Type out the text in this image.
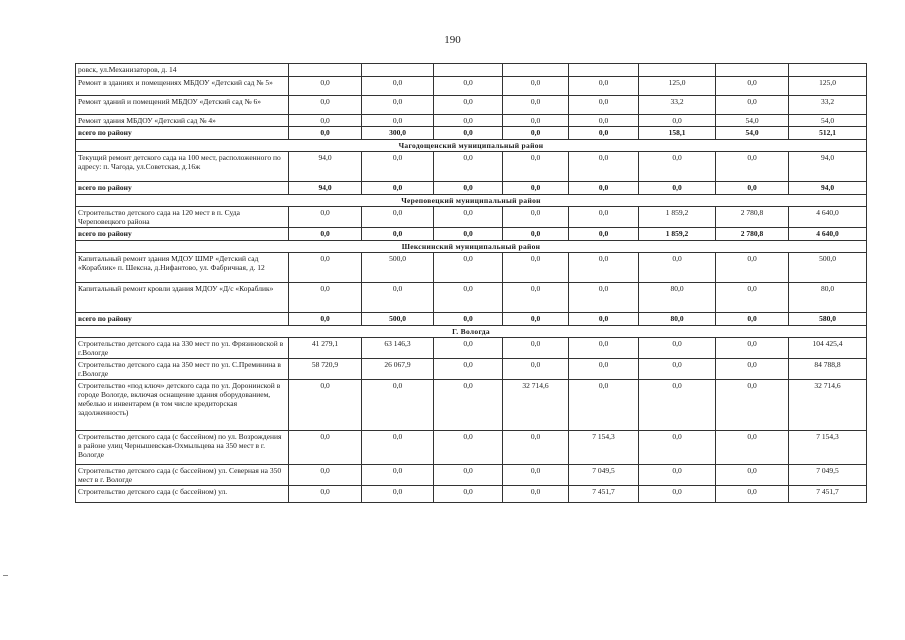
190
ровск, ул.Механизаторов, д. 14								
Ремонт в зданиях и помещениях МБДОУ «Детский сад № 5»	0,0	0,0	0,0	0,0	0,0	125,0	0,0	125,0
Ремонт зданий и помещений МБДОУ «Детский сад № 6»	0,0	0,0	0,0	0,0	0,0	33,2	0,0	33,2
Ремонт здания МБДОУ «Детский сад № 4»	0,0	0,0	0,0	0,0	0,0	0,0	54,0	54,0
всего по району	0,0	300,0	0,0	0,0	0,0	158,1	54,0	512,1
Чагодощенский муниципальный район								
Текущий ремонт детского сада на 100 мест, расположенного по адресу: п. Чагода, ул.Советская, д.16ж	94,0	0,0	0,0	0,0	0,0	0,0	0,0	94,0
всего по району	94,0	0,0	0,0	0,0	0,0	0,0	0,0	94,0
Череповецкий муниципальный район								
Строительство детского сада на 120 мест в п. Суда Череповецкого района	0,0	0,0	0,0	0,0	0,0	1 859,2	2 780,8	4 640,0
всего по району	0,0	0,0	0,0	0,0	0,0	1 859,2	2 780,8	4 640,0
Шекснинский муниципальный район								
Капитальный ремонт здания МДОУ ШМР «Детский сад «Кораблик» п. Шексна, д.Нифантово, ул. Фабричная, д. 12	0,0	500,0	0,0	0,0	0,0	0,0	0,0	500,0
Капитальный ремонт кровли здания МДОУ «Д/с «Кораблик»	0,0	0,0	0,0	0,0	0,0	80,0	0,0	80,0
всего по району	0,0	500,0	0,0	0,0	0,0	80,0	0,0	580,0
Г. Вологда								
Строительство детского сада на 330 мест по ул. Фрязиновской в г.Вологде	41 279,1	63 146,3	0,0	0,0	0,0	0,0	0,0	104 425,4
Строительство детского сада на 350 мест по ул. С.Преминина в г.Вологде	58 720,9	26 067,9	0,0	0,0	0,0	0,0	0,0	84 788,8
Строительство «под ключ» детского сада по ул. Доронинской в городе Вологде, включая оснащение здания оборудованием, мебелью и инвентарем (в том числе кредиторская задолженность)	0,0	0,0	0,0	32 714,6	0,0	0,0	0,0	32 714,6
Строительство детского сада (с бассейном) по ул. Возрождения в районе улиц Чернышевская-Охмыльцева на 350 мест в г. Вологде	0,0	0,0	0,0	0,0	7 154,3	0,0	0,0	7 154,3
Строительство детского сада (с бассейном) ул. Северная на 350 мест в г. Вологде	0,0	0,0	0,0	0,0	7 049,5	0,0	0,0	7 049,5
Строительство детского сада (с бассейном) ул.	0,0	0,0	0,0	0,0	7 451,7	0,0	0,0	7 451,7
